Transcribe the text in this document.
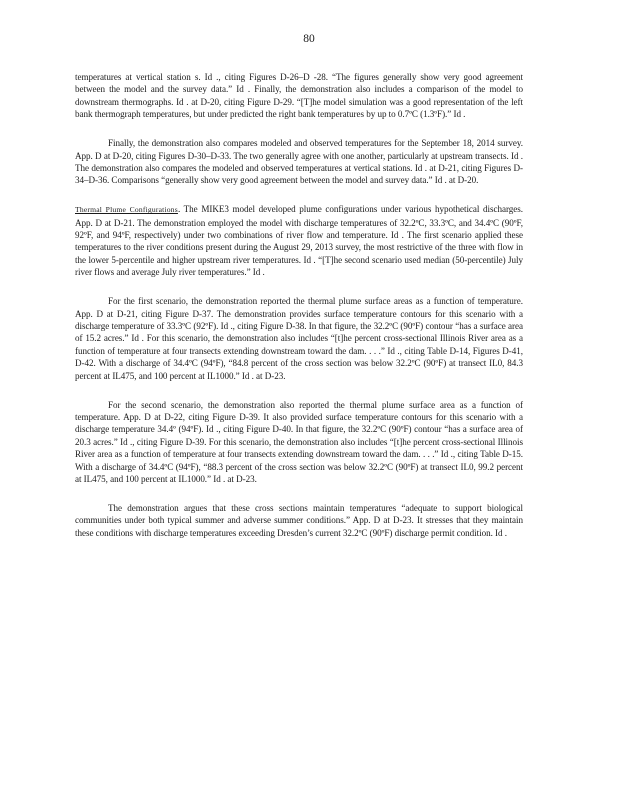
80

temperatures at vertical station s. Id ., citing Figures D-26–D -28. “The figures generally show very good agreement between the model and the survey data.” Id . Finally, the demonstration also includes a comparison of the model to downstream thermographs. Id . at D-20, citing Figure D-29. “[T]he model simulation was a good representation of the left bank thermograph temperatures, but under predicted the right bank temperatures by up to 0.7ºC (1.3ºF).” Id .

Finally, the demonstration also compares modeled and observed temperatures for the September 18, 2014 survey. App. D at D-20, citing Figures D-30–D-33. The two generally agree with one another, particularly at upstream transects. Id . The demonstration also compares the modeled and observed temperatures at vertical stations. Id . at D-21, citing Figures D-34–D-36. Comparisons “generally show very good agreement between the model and survey data.” Id . at D-20.

Thermal Plume Configurations. The MIKE3 model developed plume configurations under various hypothetical discharges. App. D at D-21. The demonstration employed the model with discharge temperatures of 32.2ºC, 33.3ºC, and 34.4ºC (90ºF, 92ºF, and 94ºF, respectively) under two combinations of river flow and temperature. Id . The first scenario applied these temperatures to the river conditions present during the August 29, 2013 survey, the most restrictive of the three with flow in the lower 5-percentile and higher upstream river temperatures. Id . “[T]he second scenario used median (50-percentile) July river flows and average July river temperatures.” Id .

For the first scenario, the demonstration reported the thermal plume surface areas as a function of temperature. App. D at D-21, citing Figure D-37. The demonstration provides surface temperature contours for this scenario with a discharge temperature of 33.3ºC (92ºF). Id ., citing Figure D-38. In that figure, the 32.2ºC (90ºF) contour “has a surface area of 15.2 acres.” Id . For this scenario, the demonstration also includes “[t]he percent cross-sectional Illinois River area as a function of temperature at four transects extending downstream toward the dam. . . .” Id ., citing Table D-14, Figures D-41, D-42. With a discharge of 34.4ºC (94ºF), “84.8 percent of the cross section was below 32.2ºC (90ºF) at transect IL0, 84.3 percent at IL475, and 100 percent at IL1000.” Id . at D-23.

For the second scenario, the demonstration also reported the thermal plume surface area as a function of temperature. App. D at D-22, citing Figure D-39. It also provided surface temperature contours for this scenario with a discharge temperature 34.4º (94ºF). Id ., citing Figure D-40. In that figure, the 32.2ºC (90ºF) contour “has a surface area of 20.3 acres.” Id ., citing Figure D-39. For this scenario, the demonstration also includes “[t]he percent cross-sectional Illinois River area as a function of temperature at four transects extending downstream toward the dam. . . .” Id ., citing Table D-15. With a discharge of 34.4ºC (94ºF), “88.3 percent of the cross section was below 32.2ºC (90ºF) at transect IL0, 99.2 percent at IL475, and 100 percent at IL1000.” Id . at D-23.

The demonstration argues that these cross sections maintain temperatures “adequate to support biological communities under both typical summer and adverse summer conditions.” App. D at D-23. It stresses that they maintain these conditions with discharge temperatures exceeding Dresden’s current 32.2ºC (90ºF) discharge permit condition. Id .
